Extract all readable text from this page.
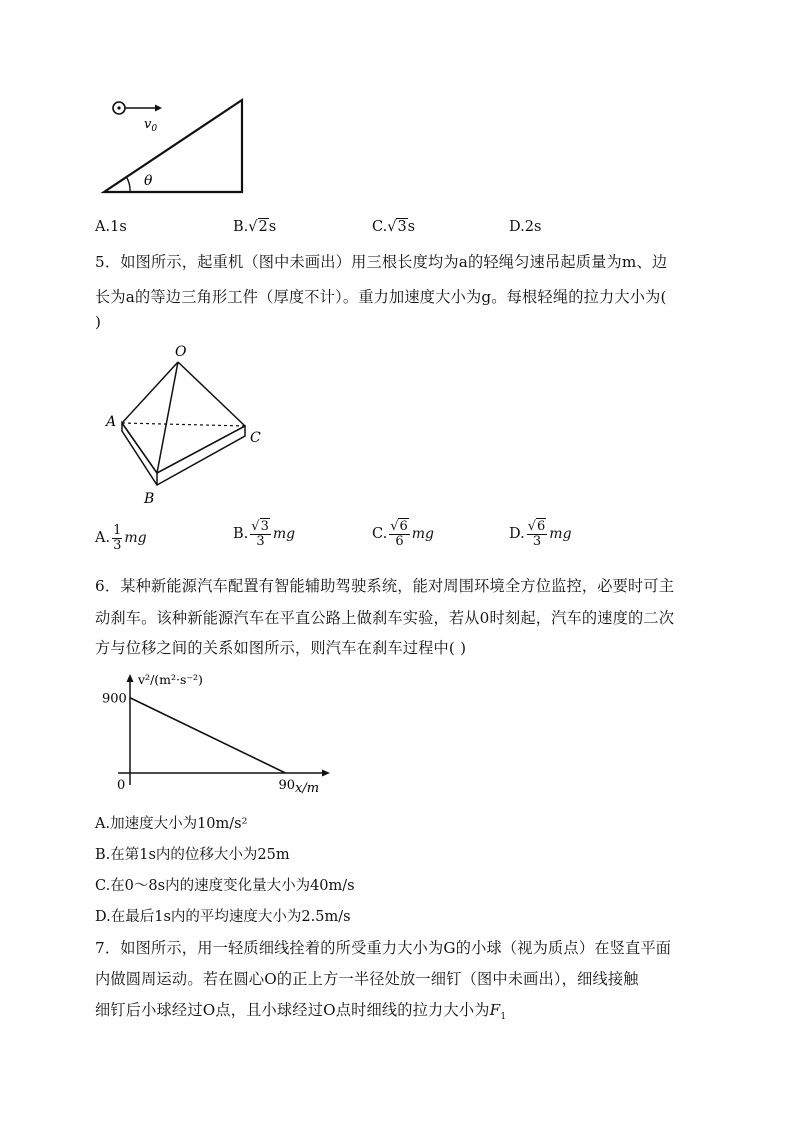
$v_0$
θ
A.1s	B.√2s	C.√3s	D.2s
5．如图所示，起重机（图中未画出）用三根长度均为a的轻绳匀速吊起质量为m、边
长为a的等边三角形工件（厚度不计）。重力加速度大小为g。每根轻绳的拉力大小为(
)
O
A
B
C
A. $\frac{1}{3}$ mg	B. $\frac{√3}{3}$ mg	C. $\frac{√6}{6}$ mg	D. $\frac{√6}{3}$ mg
6．某种新能源汽车配置有智能辅助驾驶系统，能对周围环境全方位监控，必要时可主
动刹车。该种新能源汽车在平直公路上做刹车实验，若从0时刻起，汽车的速度的二次
方与位移之间的关系如图所示，则汽车在刹车过程中( )
v²/(m²·s⁻²)
x/m
900
0	90
A.加速度大小为10m/s²
B.在第1s内的位移大小为25m
C.在0～8s内的速度变化量大小为40m/s
D.在最后1s内的平均速度大小为2.5m/s
7．如图所示，用一轻质细线拴着的所受重力大小为G的小球（视为质点）在竖直平面
内做圆周运动。若在圆心O的正上方一半径处放一细钉（图中未画出），细线接触
细钉后小球经过O点，且小球经过O点时细线的拉力大小为$F_1$
